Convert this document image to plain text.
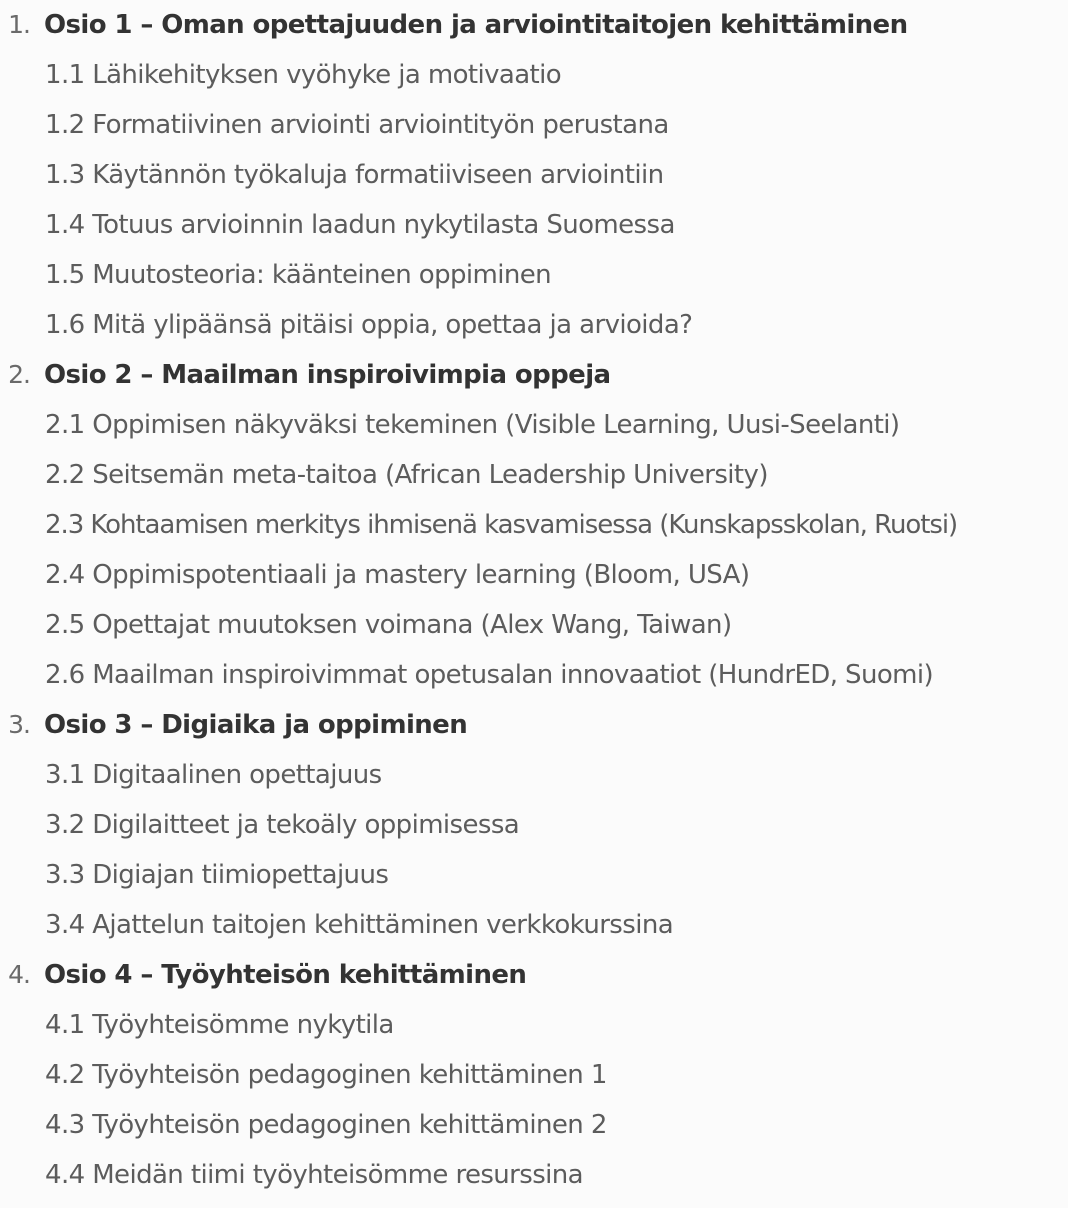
1. Osio 1 – Oman opettajuuden ja arviointitaitojen kehittäminen
1.1 Lähikehityksen vyöhyke ja motivaatio
1.2 Formatiivinen arviointi arviointityön perustana
1.3 Käytännön työkaluja formatiiviseen arviointiin
1.4 Totuus arvioinnin laadun nykytilasta Suomessa
1.5 Muutosteoria: käänteinen oppiminen
1.6 Mitä ylipäänsä pitäisi oppia, opettaa ja arvioida?
2. Osio 2 – Maailman inspiroivimpia oppeja
2.1 Oppimisen näkyväksi tekeminen (Visible Learning, Uusi-Seelanti)
2.2 Seitsemän meta-taitoa (African Leadership University)
2.3 Kohtaamisen merkitys ihmisenä kasvamisessa (Kunskapsskolan, Ruotsi)
2.4 Oppimispotentiaali ja mastery learning (Bloom, USA)
2.5 Opettajat muutoksen voimana (Alex Wang, Taiwan)
2.6 Maailman inspiroivimmat opetusalan innovaatiot (HundrED, Suomi)
3. Osio 3 – Digiaika ja oppiminen
3.1 Digitaalinen opettajuus
3.2 Digilaitteet ja tekoäly oppimisessa
3.3 Digiajan tiimiopettajuus
3.4 Ajattelun taitojen kehittäminen verkkokurssina
4. Osio 4 – Työyhteisön kehittäminen
4.1 Työyhteisömme nykytila
4.2 Työyhteisön pedagoginen kehittäminen 1
4.3 Työyhteisön pedagoginen kehittäminen 2
4.4 Meidän tiimi työyhteisömme resurssina
